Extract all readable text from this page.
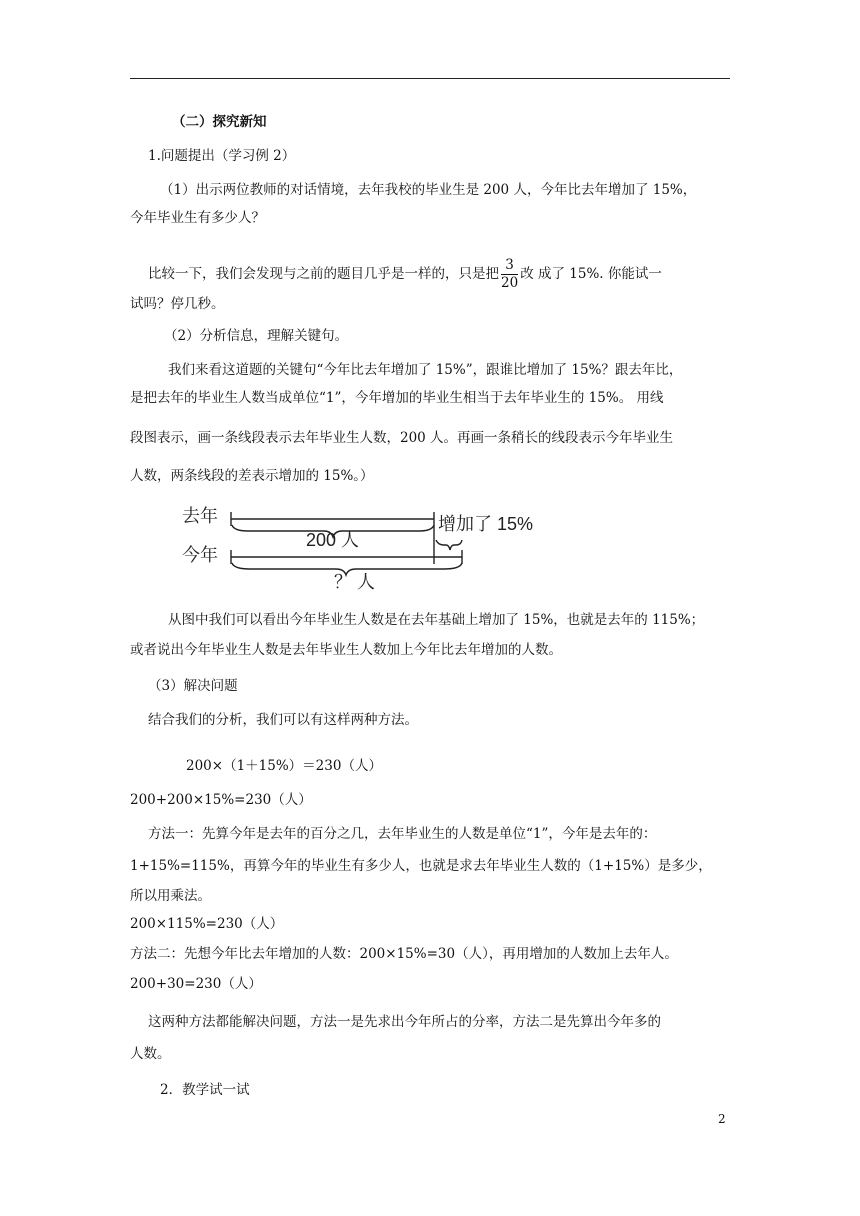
（二）探究新知
1.问题提出（学习例 2）
（1）出示两位教师的对话情境，去年我校的毕业生是 200 人，今年比去年增加了 15%，
今年毕业生有多少人？
比较一下，我们会发现与之前的题目几乎是一样的，只是把 $\frac{3}{20}$ 改 成了 15%. 你能试一
试吗？停几秒。
（2）分析信息，理解关键句。
我们来看这道题的关键句“今年比去年增加了 15%”，跟谁比增加了 15%？跟去年比，
是把去年的毕业生人数当成单位“1”，今年增加的毕业生相当于去年毕业生的 15%。 用线
段图表示，画一条线段表示去年毕业生人数，200 人。再画一条稍长的线段表示今年毕业生
人数，两条线段的差表示增加的 15%。）
去年
今年
200 人
增加了 15%
？ 人
从图中我们可以看出今年毕业生人数是在去年基础上增加了 15%，也就是去年的 115%；
或者说出今年毕业生人数是去年毕业生人数加上今年比去年增加的人数。
（3）解决问题
结合我们的分析，我们可以有这样两种方法。
200×（1＋15%）＝230（人）
200+200×15%=230（人）
方法一：先算今年是去年的百分之几，去年毕业生的人数是单位“1”，今年是去年的：
1+15%=115%，再算今年的毕业生有多少人，也就是求去年毕业生人数的（1+15%）是多少，
所以用乘法。
200×115%=230（人）
方法二：先想今年比去年增加的人数：200×15%=30（人），再用增加的人数加上去年人。
200+30=230（人）
这两种方法都能解决问题，方法一是先求出今年所占的分率，方法二是先算出今年多的
人数。
2．教学试一试
2
